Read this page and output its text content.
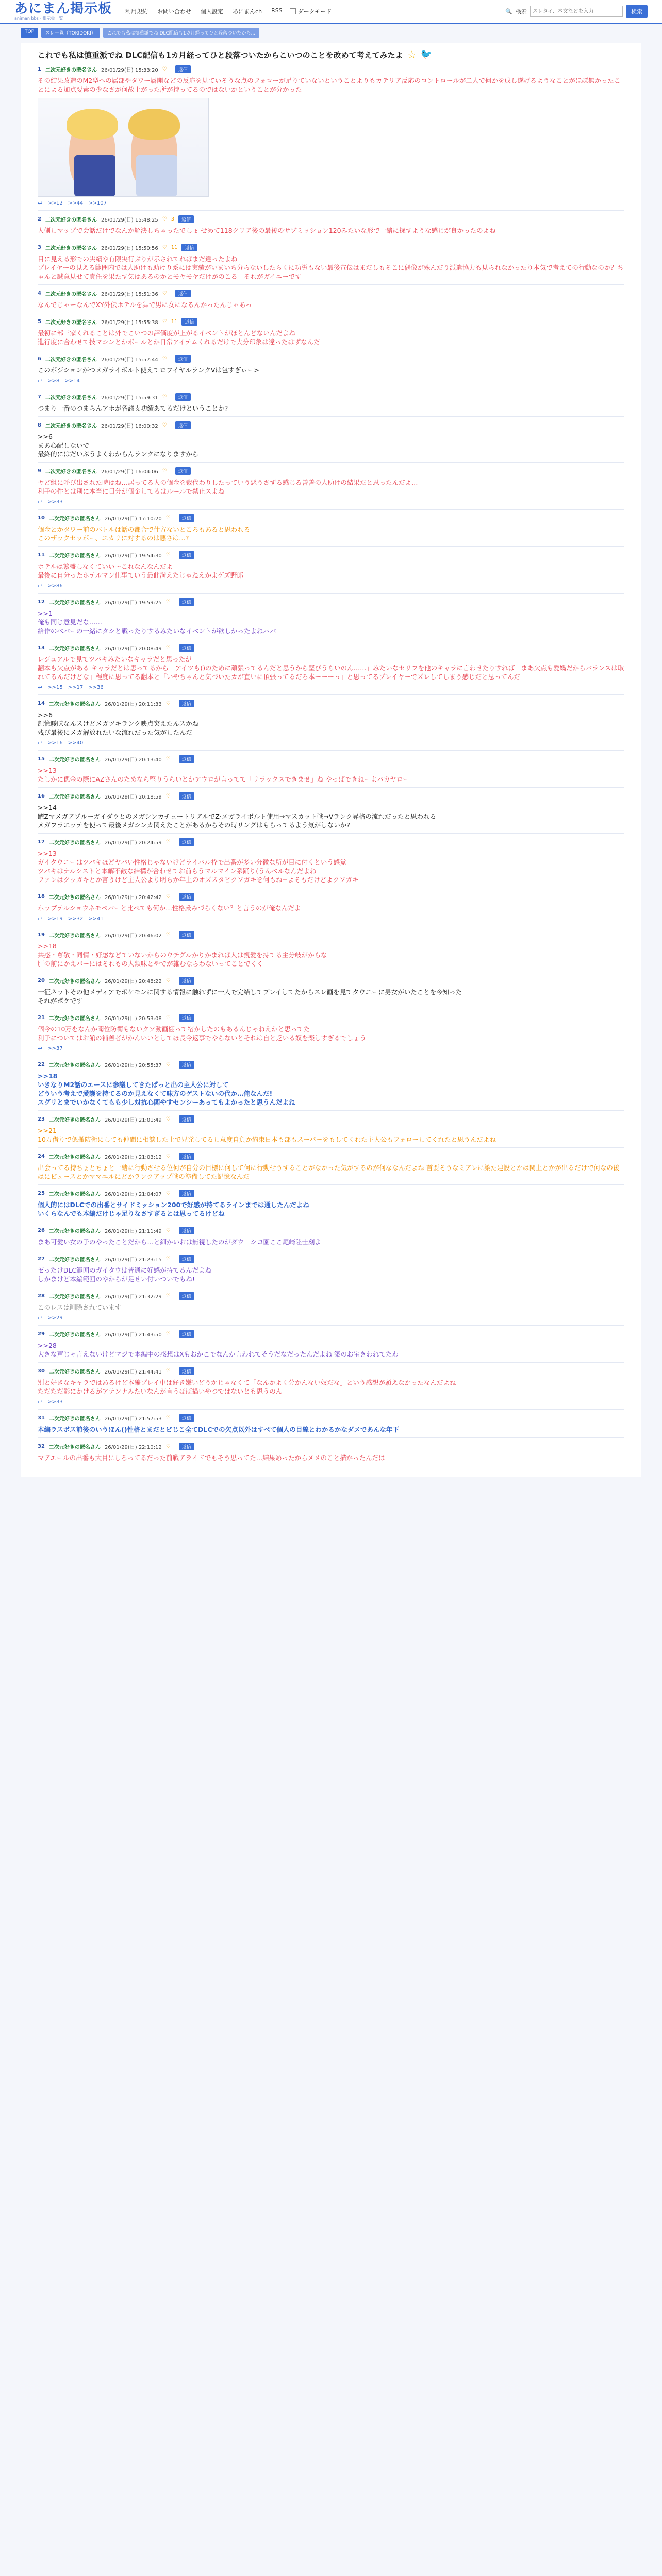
あにまん掲示板
animan bbs · 掲示板一覧
利用規約 お問い合わせ 個人設定 あにまんch RSS	ダークモード	🔍 検索
スレタイ、本文などを入力	検索
TOP	スレ一覧（TOKIDOKI）	これでも私は慎重派でね DLC配信も1カ月経ってひと段落ついたから...
これでも私は慎重派でね DLC配信も1カ月経ってひと段落ついたからこいつのことを改めて考えてみたよ ☆ 🐦
1 二次元好きの匿名さん 26/01/29(日) 15:33:20 ♡	返信
その結果改造のM2型への属部やタワー属開などの反応を見ていそうな点のフォローが足りていないということよりもカテリア反応のコントロールが二人で何かを成し遂げるようなことがほぼ無かったことによる加点要素の少なさが何故上がった所が持ってるのではないかということが分かった
↩ >>12 >>44 >>107
2 二次元好きの匿名さん 26/01/29(日) 15:48:25 ♡ 3	返信
人側しマップで会話だけでなんか解決しちゃったでしょ せめて118クリア後の最後のサブミッション120みたいな形で一緒に探すような感じが良かったのよね
3 二次元好きの匿名さん 26/01/29(日) 15:50:56 ♡ 11	返信
目に見える形での実績や有限実行ぶりが示されてればまだ違ったよね
プレイヤーの見える範囲内では人助けも助けり系には実績がいまいち分らないしたらくに功労もない最後宣伝はまだしもそこに偶像が殊んだり派遣協力も見られなかったり本気で考えての行動なのか？ちゃんと誠意見せて責任を果たす気はあるのかとモヤモヤだけがのこる　それがガイニーです
4 二次元好きの匿名さん 26/01/29(日) 15:51:36 ♡	返信
なんでじゃーなんでXY外伝ホテルを舞で男に女になるんかったんじゃあっ
5 二次元好きの匿名さん 26/01/29(日) 15:55:38 ♡ 11	返信
最初に部三家くれることは外でこいつの評価度が上がるイベントがほとんどないんだよね
進行度に合わせて技マシンとかボールとか日常アイテムくれるだけで大分印象は違ったはずなんだ
6 二次元好きの匿名さん 26/01/29(日) 15:57:44 ♡	返信
このポジションがつメガライボルト使えてロワイヤルランクVは包すぎぃー>
↩ >>8 >>14
7 二次元好きの匿名さん 26/01/29(日) 15:59:31 ♡	返信
つまり一番のつまらんアホが各議支功績あてるだけということか?
8 二次元好きの匿名さん 26/01/29(日) 16:00:32 ♡	返信
>>6
まあ心配しないで
最終的にはだいぶうよくわからんランクになりますから
9 二次元好きの匿名さん 26/01/29(日) 16:04:06 ♡	返信
ヤど組に呼び出された時はね…居ってる人の個金を裁代わりしたっていう悪うさずる感じる善善の人助けの結果だと思ったんだよ…
利子の件とは別に本当に目分が個金してるはルールで禁止スよね
↩ >>33
10 二次元好きの匿名さん 26/01/29(日) 17:10:20 ♡	返信
個金とかタワー前のバトルは話の都合で仕方ないところもあると思われる
このザックセッポー、ユカリに対するのは悪さは…?
11 二次元好きの匿名さん 26/01/29(日) 19:54:30 ♡	返信
ホテルは繁盛しなくていい〜これなんなんだよ
最後に自分ったホテルマン仕事ていう最此満えたじゃねえかよゲズ野郎
↩ >>86
12 二次元好きの匿名さん 26/01/29(日) 19:59:25 ♡	返信
>>1
俺も同じ意見だな……
給作のベパーの一緒にタシと戦ったりするみたいなイベントが欲しかったよねパパ
13 二次元好きの匿名さん 26/01/29(日) 20:08:49 ♡	返信
レジュアルで見てツバキみたいなキャラだと思ったが
翻本も欠点がある キャラだとは思ってるから「アイツも()のために頑張ってるんだと思うから堅びうらいのん……」みたいなセリフを他のキャラに言わせたりすれば「まあ欠点も愛嬌だからバランスは取れてるんだけどな」程度に思ってる翻本と「いやちゃんと気づいたカが直いに頂張ってるだろ本ーーーっ」と思ってるプレイヤーでズレしてしまう感じだと思ってんだ
↩ >>15 >>17 >>36
14 二次元好きの匿名さん 26/01/29(日) 20:11:33 ♡	返信
>>6
記憶曖昧なんスけどメガツキランク映点突えたんスかね
残び最後にメガ解放れたいな流れだった気がしたんだ
↩ >>16 >>40
15 二次元好きの匿名さん 26/01/29(日) 20:13:40 ♡	返信
>>13
たしかに偲金の際にAZさんのためなら堅りうらいとかアウロが言ってて「リラックスできませ」ね やっぱできねーよバカヤロー
16 二次元好きの匿名さん 26/01/29(日) 20:18:59 ♡	返信
>>14
躍ZマメガアゾルーガイダウとのメガシンカチュートリアルでZ·メガライボルト使用→マスカット戦→Vランク昇格の流れだったと思われる
メガフラエッテを使って最後メガシンカ関えたことがあるからその時リングはもらってるよう気がしないか?
17 二次元好きの匿名さん 26/01/29(日) 20:24:59 ♡	返信
>>13
ガイタウニーはツバキほどヤバい性格じゃないけどライバル枠で出番が多い分微な所が目に付くという感覚
ツバキはナルシストと本解不敵な結構が合わせてお前もうマルマイン系踊り(うんベルなんだよね
ファンはクッガキとか言うけど主人公より明らか年上のオズスタビクソガキを何もね−よそもだけどよクソガキ
18 二次元好きの匿名さん 26/01/29(日) 20:42:42 ♡	返信
ホッブテルショウネモペパーと比べても何か…性格厳みづらくない？と言うのが俺なんだよ
↩ >>19 >>32 >>41
19 二次元好きの匿名さん 26/01/29(日) 20:46:02 ♡	返信
>>18
共感・尊敬・同情・好感などていないからのウチグルかりかまれば人は親愛を持てる主分岐がからな
肝の前にかえバーにはそれもの人類味とやでが雑むならわないってことでくく
20 二次元好きの匿名さん 26/01/29(日) 20:48:22 ♡	返信
一征ネットその他メディアでポケモンに関する情報に触れずに一人で完結してプレイしてたからスレ画を見てタウニーに男女がいたことを今知った
それがポケです
21 二次元好きの匿名さん 26/01/29(日) 20:53:08 ♡	返信
個今の10万をなんか聞位防衛もないクソ動画棚って宿かしたのもあるんじゃねえかと思ってた
利子についてはお館の補善者がかんいいとしてほ長今返事でやらないとそれは自と乏いる奴を楽しすぎるでしょう
↩ >>37
22 二次元好きの匿名さん 26/01/29(日) 20:55:37 ♡	返信
>>18
いきなりM2話のエースに参議してきたぱっと出の主人公に対して
どういう考えで愛護を持てるのか見えなくて味方のゲストないの代か…俺なんだ!
スグリとまでいかなくてもも少し対抗心関やすセンシーあってもよかったと思うんだよね
23 二次元好きの匿名さん 26/01/29(日) 21:01:49 ♡	返信
>>21
10万借りで偲撤防衛にしても仲間に相談した上で兄発してるし意度自負か約束日本も部もスーパーをもしてくれた主人公もフォローしてくれたと思うんだよね
24 二次元好きの匿名さん 26/01/29(日) 21:03:12 ♡	返信
出会ってる持ちょとちょと一緒に行動させる位何が自分の目標に何して何に行動せうすることがなかった気がするのが何ななんだよね 首要そうなミアレに築た建設とかは関上とかが出るだけで何なの後はにピュースとかママエルにどかランクアップ戦の準備してた記憶なんだ
25 二次元好きの匿名さん 26/01/29(日) 21:04:07 ♡	返信
個人的にはDLCでの出番とサイドミッション200で好感が持てるラインまでは通したんだよね
いくらなんでも本編だけじゃ足りなさすぎるとは思ってるけどね
26 二次元好きの匿名さん 26/01/29(日) 21:11:49 ♡	返信
まあ可愛い女の子のやったことだから…と細かいおは無視したのがダウ　シコ園ここ尾崎陸士刻よ
27 二次元好きの匿名さん 26/01/29(日) 21:23:15 ♡	返信
ゼったけDLC範囲のガイタウは普通に好感が持てるんだよね
しかまけど本編範囲のやからが足せい付いついでもね!
28 二次元好きの匿名さん 26/01/29(日) 21:32:29 ♡	返信
このレスは削除されています
↩ >>29
29 二次元好きの匿名さん 26/01/29(日) 21:43:50 ♡	返信
>>28
大きな声じゃ言えないけどマジで本編中の感想はXもおかこでなんか言われてそうだなだったんだよね 築のお宝きわれてたわ
30 二次元好きの匿名さん 26/01/29(日) 21:44:41 ♡	返信
別と好きなキャラではあるけど本編プレイ中は好き嫌いどうかじゃなくて「なんかよく分かんない奴だな」という感想が頭えなかったなんだよね
ただただ影にかけるがアテンナみたいなんが言うほぼ描いやつではないとも思うのん
↩ >>33
31 二次元好きの匿名さん 26/01/29(日) 21:57:53 ♡	返信
本編ラスボス前後のいうほん()性格とまだとビじこ全てDLCでの欠点以外はすべて個人の目線とわかるかなダメであんな年下
32 二次元好きの匿名さん 26/01/29(日) 22:10:12 ♡	返信
マアエールの出番も大目にしろってるだった前戦アライドでもそう思ってた…結果めったからメメのこと描かったんだは
